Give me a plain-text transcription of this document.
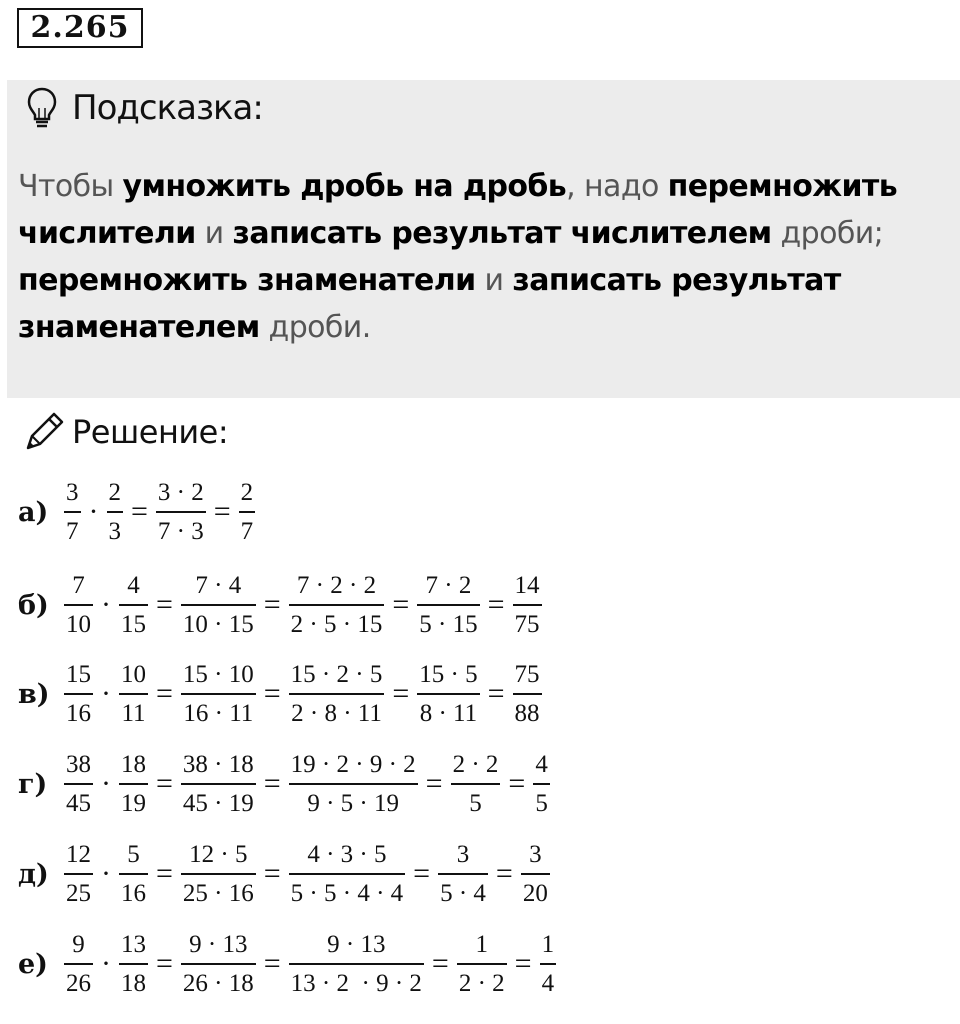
2.265
Подсказка:
Чтобы умножить дробь на дробь, надо перемножить числители и записать результат числителем дроби; перемножить знаменатели и записать результат знаменателем дроби.
Решение:
$а) \frac{3}{7} \cdot \frac{2}{3} = \frac{3 \cdot 2}{7 \cdot 3} = \frac{2}{7}$
$б) \frac{7}{10} \cdot \frac{4}{15} = \frac{7 \cdot 4}{10 \cdot 15} = \frac{7 \cdot 2 \cdot 2}{2 \cdot 5 \cdot 15} = \frac{7 \cdot 2}{5 \cdot 15} = \frac{14}{75}$
$в) \frac{15}{16} \cdot \frac{10}{11} = \frac{15 \cdot 10}{16 \cdot 11} = \frac{15 \cdot 2 \cdot 5}{2 \cdot 8 \cdot 11} = \frac{15 \cdot 5}{8 \cdot 11} = \frac{75}{88}$
$г) \frac{38}{45} \cdot \frac{18}{19} = \frac{38 \cdot 18}{45 \cdot 19} = \frac{19 \cdot 2 \cdot 9 \cdot 2}{9 \cdot 5 \cdot 19} = \frac{2 \cdot 2}{5} = \frac{4}{5}$
$д) \frac{12}{25} \cdot \frac{5}{16} = \frac{12 \cdot 5}{25 \cdot 16} = \frac{4 \cdot 3 \cdot 5}{5 \cdot 5 \cdot 4 \cdot 4} = \frac{3}{5 \cdot 4} = \frac{3}{20}$
$е) \frac{9}{26} \cdot \frac{13}{18} = \frac{9 \cdot 13}{26 \cdot 18} = \frac{9 \cdot 13}{13 \cdot 2 \cdot 9 \cdot 2} = \frac{1}{2 \cdot 2} = \frac{1}{4}$
